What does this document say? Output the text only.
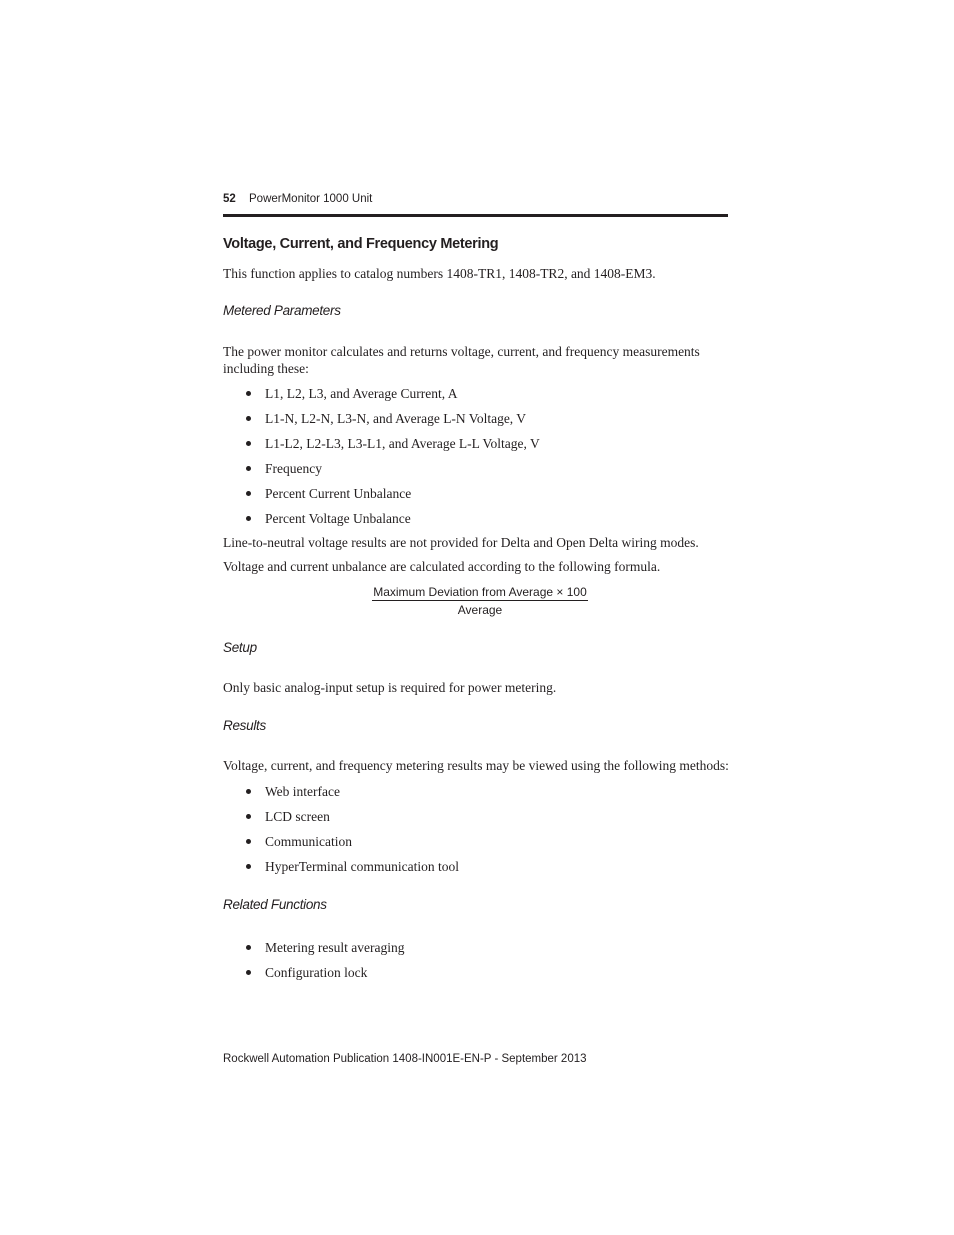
52 PowerMonitor 1000 Unit
Voltage, Current, and Frequency Metering
This function applies to catalog numbers 1408-TR1, 1408-TR2, and 1408-EM3.
Metered Parameters
The power monitor calculates and returns voltage, current, and frequency measurements including these:
L1, L2, L3, and Average Current, A
L1-N, L2-N, L3-N, and Average L-N Voltage, V
L1-L2, L2-L3, L3-L1, and Average L-L Voltage, V
Frequency
Percent Current Unbalance
Percent Voltage Unbalance
Line-to-neutral voltage results are not provided for Delta and Open Delta wiring modes.
Voltage and current unbalance are calculated according to the following formula.
Maximum Deviation from Average × 100
Average
Setup
Only basic analog-input setup is required for power metering.
Results
Voltage, current, and frequency metering results may be viewed using the following methods:
Web interface
LCD screen
Communication
HyperTerminal communication tool
Related Functions
Metering result averaging
Configuration lock
Rockwell Automation Publication 1408-IN001E-EN-P - September 2013
